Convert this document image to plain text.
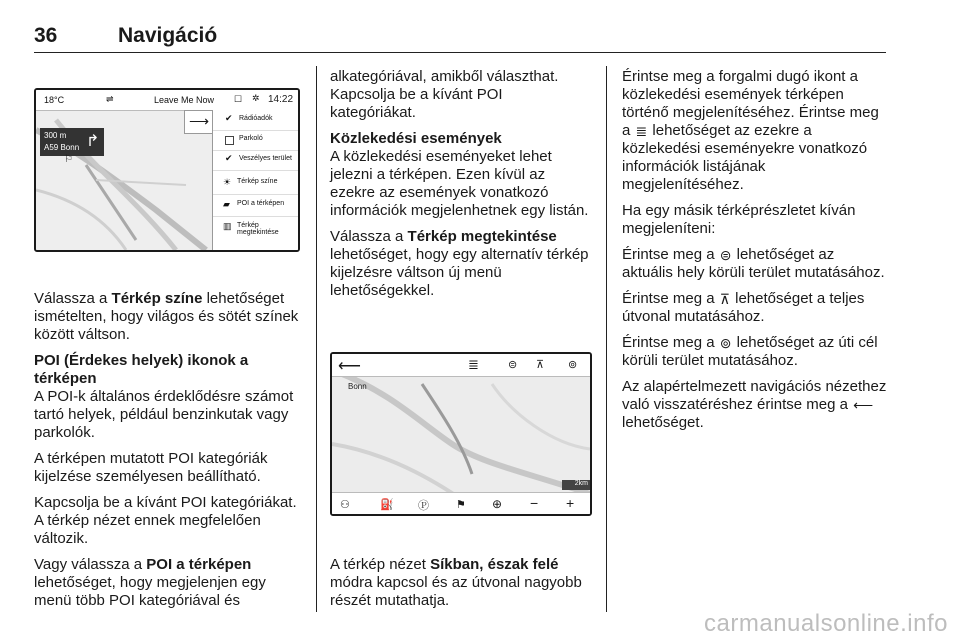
36	Navigáció
18°C	⇌	Leave Me Now ☐ ✲ 14:22
300 m
A59 Bonn ↱
⚐
⟶	✔ Rádióadók
Parkoló
✔ Veszélyes terület
☀ Térkép színe
▰ POI a térképen
▥ Térkép megtekintése

Válassza a Térkép színe lehetőséget ismételten, hogy világos és sötét színek között váltson.

POI (Érdekes helyek) ikonok a térképen

A POI-k általános érdeklődésre számot tartó helyek, például benzinkutak vagy parkolók.

A térképen mutatott POI kategóriák kijelzése személyesen beállítható.

Kapcsolja be a kívánt POI kategóriákat. A térkép nézet ennek megfelelően változik.

Vagy válassza a POI a térképen lehetőséget, hogy megjelenjen egy menü több POI kategóriával és

alkategóriával, amikből választhat. Kapcsolja be a kívánt POI kategóriákat.

Közlekedési események

A közlekedési eseményeket lehet jelezni a térképen. Ezen kívül az ezekre az események vonatkozó információk megjelenhetnek egy listán.

Válassza a Térkép megtekintése lehetőséget, hogy egy alternatív térkép kijelzésre váltson új menü lehetőségekkel.

⟵	≣	⊜ ⊼ ⊚
Bonn
2km
⚇	⛽ Ⓟ ⚑ ⊕ − +

A térkép nézet Síkban, észak felé módra kapcsol és az útvonal nagyobb részét mutathatja.

Érintse meg a forgalmi dugó ikont a közlekedési események térképen történő megjelenítéséhez. Érintse meg a ≣ lehetőséget az ezekre a közlekedési eseményekre vonatkozó információk listájának megjelenítéséhez.

Ha egy másik térképrészletet kíván megjeleníteni:

Érintse meg a ⊜ lehetőséget az aktuális hely körüli terület mutatásához.

Érintse meg a ⊼ lehetőséget a teljes útvonal mutatásához.

Érintse meg a ⊚ lehetőséget az úti cél körüli terület mutatásához.

Az alapértelmezett navigációs nézethez való visszatéréshez érintse meg a ⟵ lehetőséget.

carmanualsonline.info
